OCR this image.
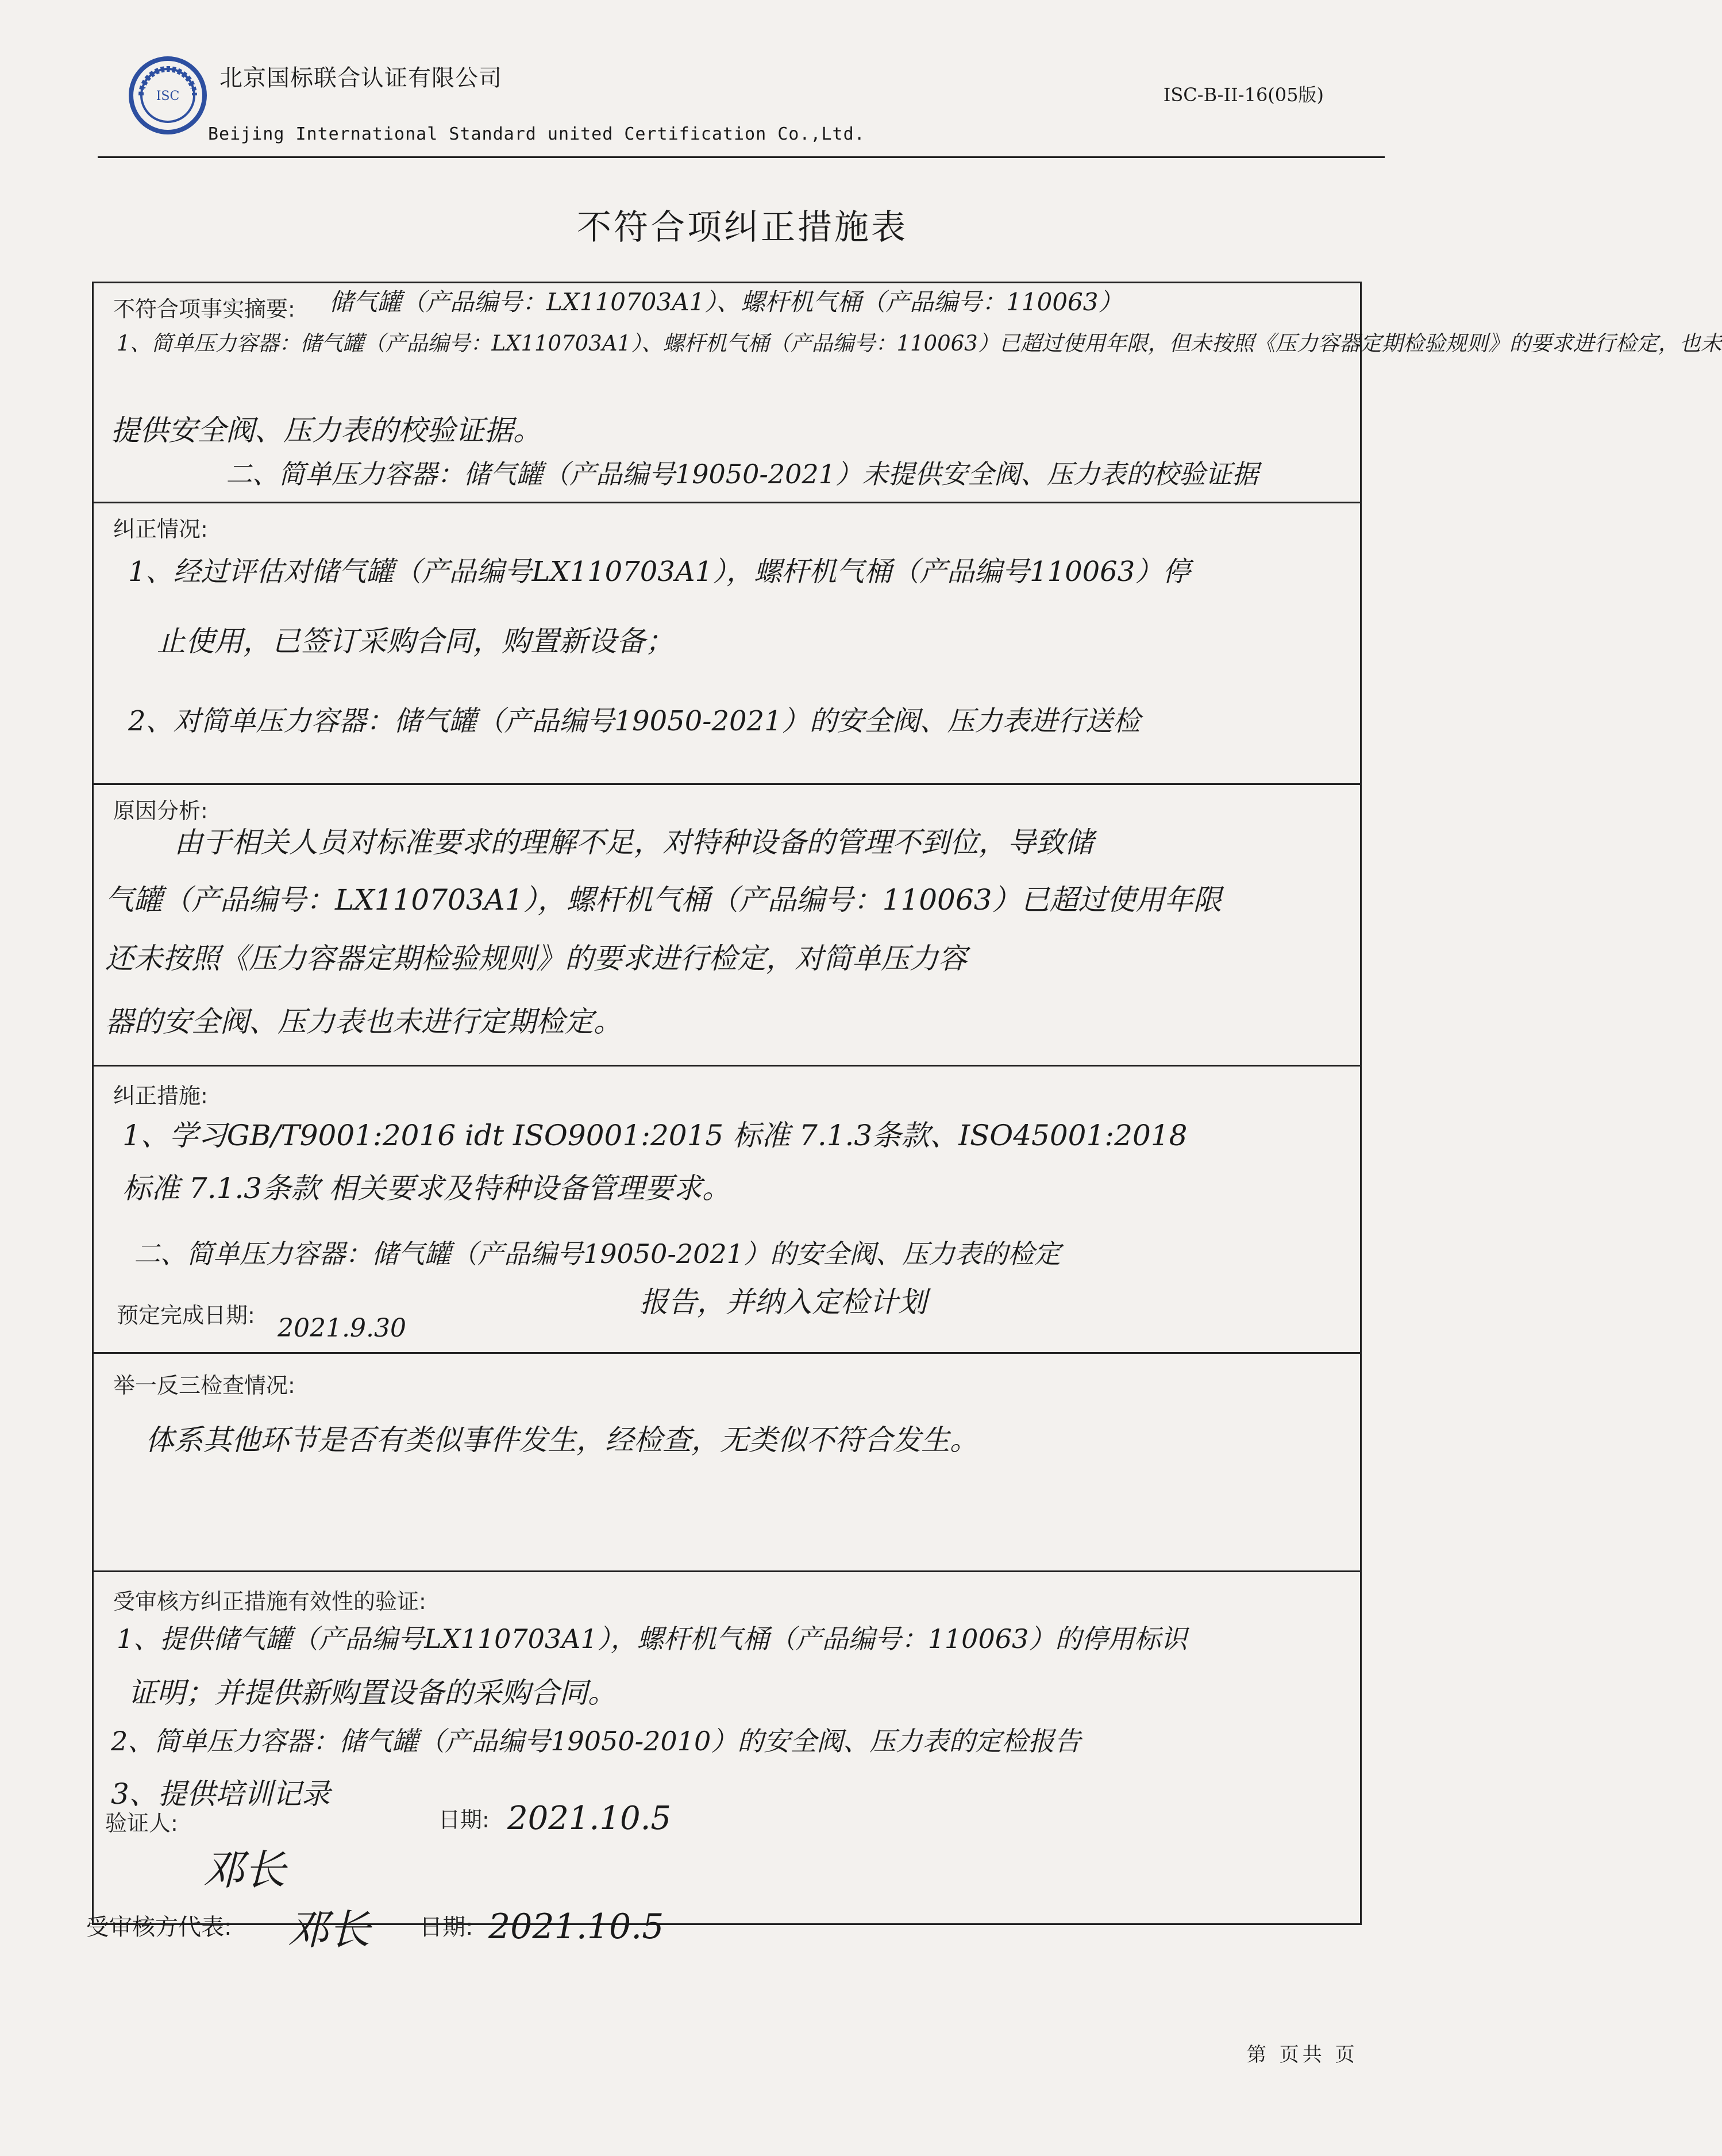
ISC
北京国标联合认证有限公司
Beijing International Standard united Certification Co.,Ltd.
ISC-B-II-16(05版)
不符合项纠正措施表
不符合项事实摘要: 储气罐（产品编号：LX110703A1）、螺杆机气桶（产品编号：110063）
1、简单压力容器：储气罐（产品编号：LX110703A1）、螺杆机气桶（产品编号：110063）已超过使用年限，但未按照《压力容器定期检验规则》的要求进行检定，也未
提供安全阀、压力表的校验证据。
二、简单压力容器：储气罐（产品编号19050-2021）未提供安全阀、压力表的校验证据
纠正情况:
1、经过评估对储气罐（产品编号LX110703A1），螺杆机气桶（产品编号110063）停
止使用，已签订采购合同，购置新设备；
2、对简单压力容器：储气罐（产品编号19050-2021）的安全阀、压力表进行送检
原因分析:
由于相关人员对标准要求的理解不足，对特种设备的管理不到位，导致储
气罐（产品编号：LX110703A1），螺杆机气桶（产品编号：110063）已超过使用年限
还未按照《压力容器定期检验规则》的要求进行检定，对简单压力容
器的安全阀、压力表也未进行定期检定。
纠正措施:
1、学习GB/T9001:2016 idt ISO9001:2015 标准 7.1.3条款、ISO45001:2018
标准 7.1.3条款 相关要求及特种设备管理要求。
二、简单压力容器：储气罐（产品编号19050-2021）的安全阀、压力表的检定
报告，并纳入定检计划
预定完成日期: 2021.9.30
举一反三检查情况:
体系其他环节是否有类似事件发生，经检查，无类似不符合发生。
受审核方纠正措施有效性的验证:
1、提供储气罐（产品编号LX110703A1），螺杆机气桶（产品编号：110063）的停用标识
证明；并提供新购置设备的采购合同。
2、简单压力容器：储气罐（产品编号19050-2010）的安全阀、压力表的定检报告
3、提供培训记录
验证人:	日期: 2021.10.5
邓长
受审核方代表: 邓长 日期: 2021.10.5
第 页共 页
